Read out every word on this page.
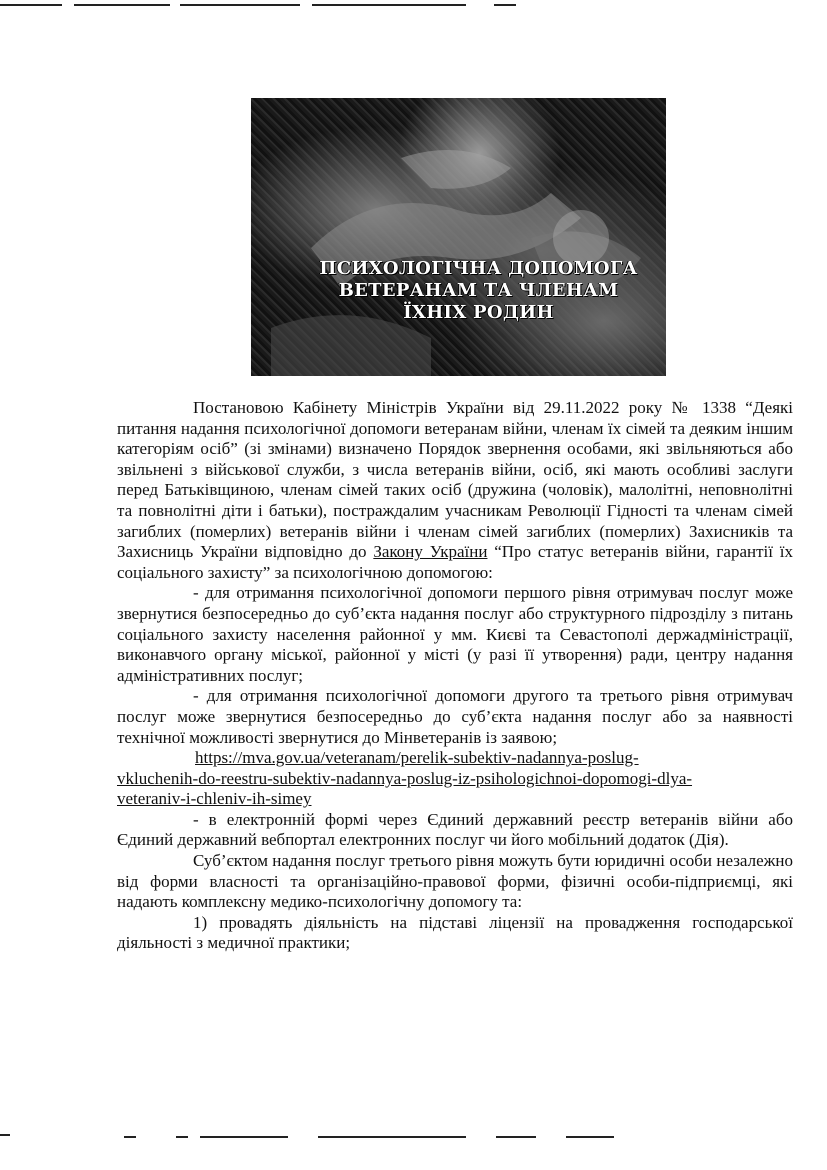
ПСИХОЛОГІЧНА ДОПОМОГА
ВЕТЕРАНАМ ТА ЧЛЕНАМ
ЇХНІХ РОДИН

Постановою Кабінету Міністрів України від 29.11.2022 року № 1338 “Деякі питання надання психологічної допомоги ветеранам війни, членам їх сімей та деяким іншим категоріям осіб” (зі змінами) визначено Порядок звернення особами, які звільняються або звільнені з військової служби, з числа ветеранів війни, осіб, які мають особливі заслуги перед Батьківщиною, членам сімей таких осіб (дружина (чоловік), малолітні, неповнолітні та повнолітні діти і батьки), постраждалим учасникам Революції Гідності та членам сімей загиблих (померлих) ветеранів війни і членам сімей загиблих (померлих) Захисників та Захисниць України відповідно до Закону України “Про статус ветеранів війни, гарантії їх соціального захисту” за психологічною допомогою:

- для отримання психологічної допомоги першого рівня отримувач послуг може звернутися безпосередньо до суб’єкта надання послуг або структурного підрозділу з питань соціального захисту населення районної у мм. Києві та Севастополі держадміністрації, виконавчого органу міської, районної у місті (у разі її утворення) ради, центру надання адміністративних послуг;

- для отримання психологічної допомоги другого та третього рівня отримувач послуг може звернутися безпосередньо до суб’єкта надання послуг або за наявності технічної можливості звернутися до Мінветеранів із заявою;

https://mva.gov.ua/veteranam/perelik-subektiv-nadannya-poslug-
vkluchenih-do-reestru-subektiv-nadannya-poslug-iz-psihologichnoi-dopomogi-dlya-
veteraniv-i-chleniv-ih-simey

- в електронній формі через Єдиний державний реєстр ветеранів війни або Єдиний державний вебпортал електронних послуг чи його мобільний додаток (Дія).

Суб’єктом надання послуг третього рівня можуть бути юридичні особи незалежно від форми власності та організаційно-правової форми, фізичні особи-підприємці, які надають комплексну медико-психологічну допомогу та:

1) провадять діяльність на підставі ліцензії на провадження господарської діяльності з медичної практики;
